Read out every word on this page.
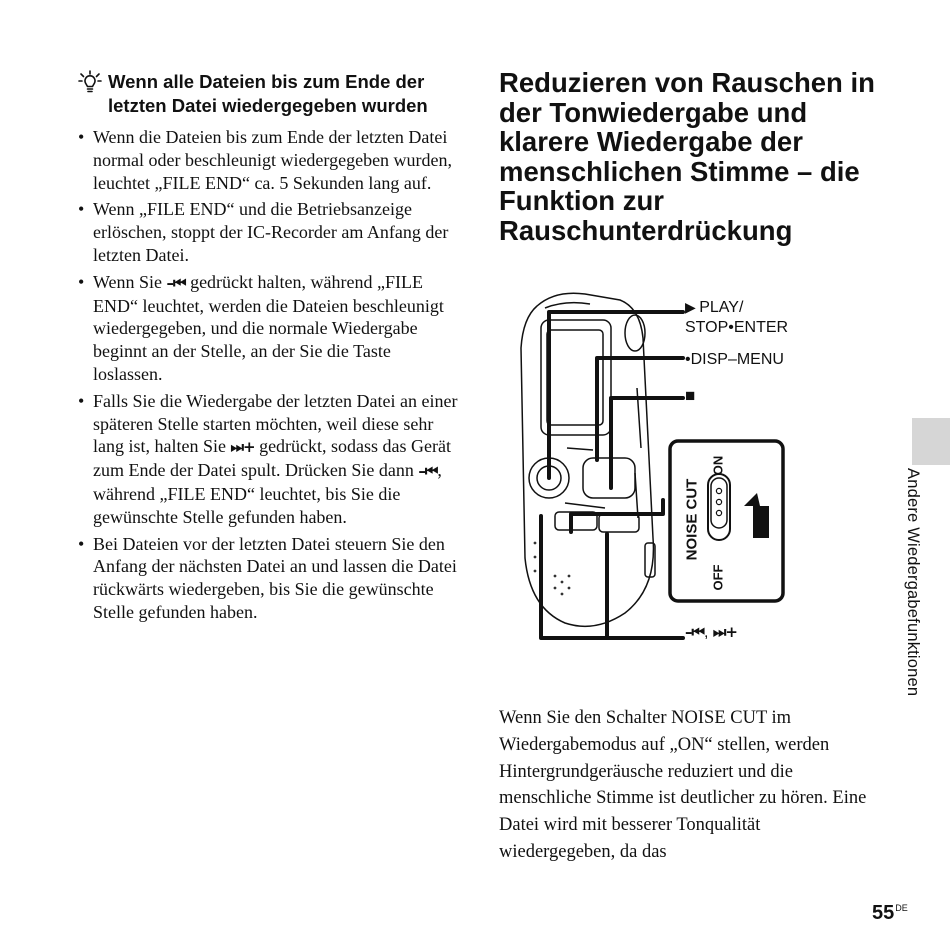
Wenn alle Dateien bis zum Ende der letzten Datei wiedergegeben wurden
• Wenn die Dateien bis zum Ende der letzten Datei normal oder beschleunigt wiedergegeben wurden, leuchtet „FILE END“ ca. 5 Sekunden lang auf.
• Wenn „FILE END“ und die Betriebsanzeige erlöschen, stoppt der IC-Recorder am Anfang der letzten Datei.
• Wenn Sie –⏮ gedrückt halten, während „FILE END“ leuchtet, werden die Dateien beschleunigt wiedergegeben, und die normale Wiedergabe beginnt an der Stelle, an der Sie die Taste loslassen.
• Falls Sie die Wiedergabe der letzten Datei an einer späteren Stelle starten möchten, weil diese sehr lang ist, halten Sie ⏭+ gedrückt, sodass das Gerät zum Ende der Datei spult. Drücken Sie dann –⏮, während „FILE END“ leuchtet, bis Sie die gewünschte Stelle gefunden haben.
• Bei Dateien vor der letzten Datei steuern Sie den Anfang der nächsten Datei an und lassen die Datei rückwärts wiedergeben, bis Sie die gewünschte Stelle gefunden haben.
Reduzieren von Rauschen in der Tonwiedergabe und klarere Wiedergabe der menschlichen Stimme – die Funktion zur Rauschunterdrückung
▶ PLAY/
STOP•ENTER
•DISP–MENU
■
–⏮, ⏭+
NOISE CUT
ON
OFF

Wenn Sie den Schalter NOISE CUT im Wiedergabemodus auf „ON“ stellen, werden Hintergrundgeräusche reduziert und die menschliche Stimme ist deutlicher zu hören. Eine Datei wird mit besserer Tonqualität wiedergegeben, da das

Andere Wiedergabefunktionen
55DE
